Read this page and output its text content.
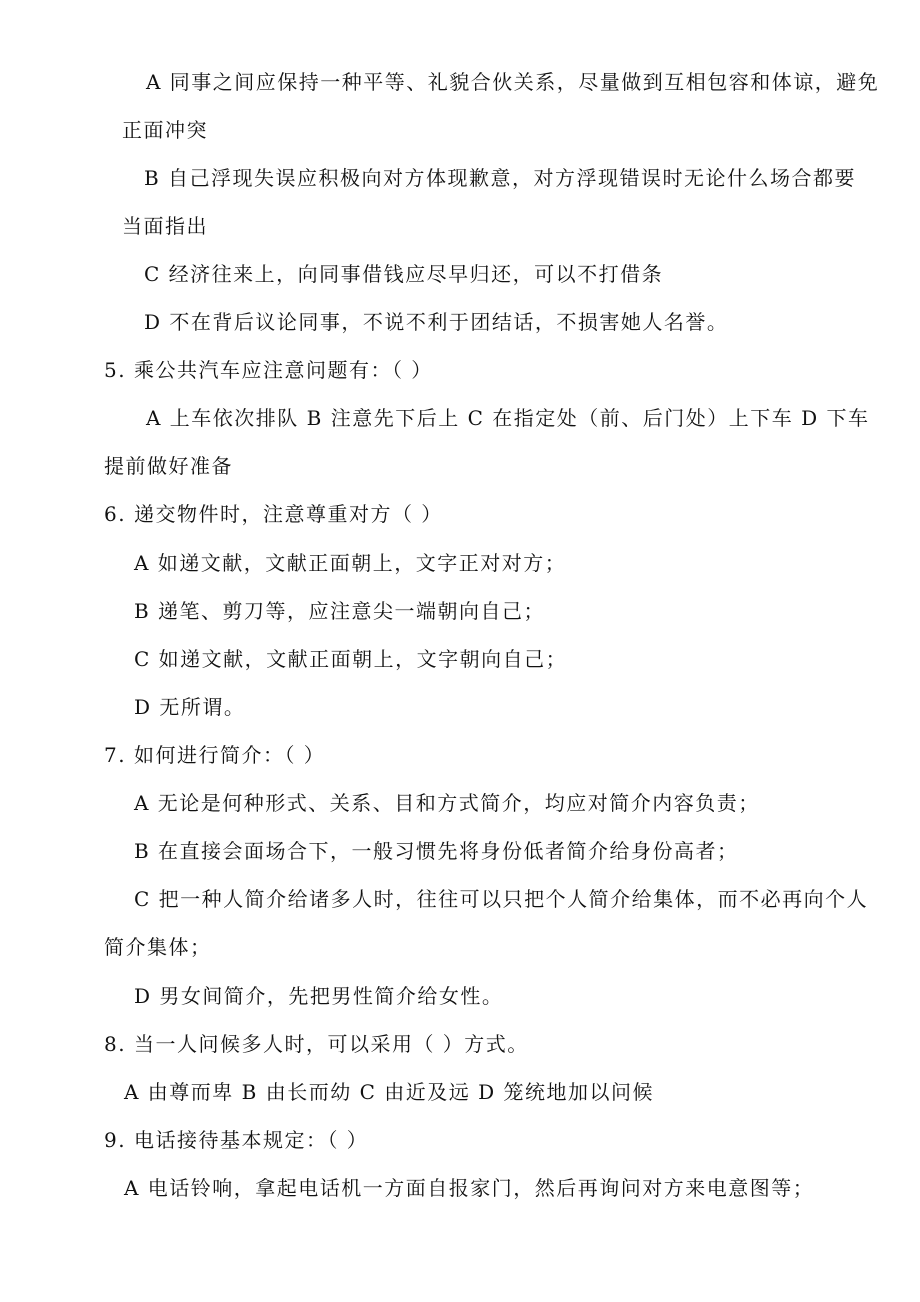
A 同事之间应保持一种平等、礼貌合伙关系，尽量做到互相包容和体谅，避免
正面冲突
B 自己浮现失误应积极向对方体现歉意，对方浮现错误时无论什么场合都要
当面指出
C 经济往来上，向同事借钱应尽早归还，可以不打借条
D 不在背后议论同事，不说不利于团结话，不损害她人名誉。
5. 乘公共汽车应注意问题有：（ ）
A 上车依次排队 B 注意先下后上 C 在指定处（前、后门处）上下车 D 下车
提前做好准备
6. 递交物件时，注意尊重对方（ ）
A 如递文献，文献正面朝上，文字正对对方；
B 递笔、剪刀等，应注意尖一端朝向自己；
C 如递文献，文献正面朝上，文字朝向自己；
D 无所谓。
7. 如何进行简介：（ ）
A 无论是何种形式、关系、目和方式简介，均应对简介内容负责；
B 在直接会面场合下，一般习惯先将身份低者简介给身份高者；
C 把一种人简介给诸多人时，往往可以只把个人简介给集体，而不必再向个人
简介集体；
D 男女间简介，先把男性简介给女性。
8. 当一人问候多人时，可以采用（ ）方式。
A 由尊而卑 B 由长而幼 C 由近及远 D 笼统地加以问候
9. 电话接待基本规定：（ ）
A 电话铃响，拿起电话机一方面自报家门，然后再询问对方来电意图等；
